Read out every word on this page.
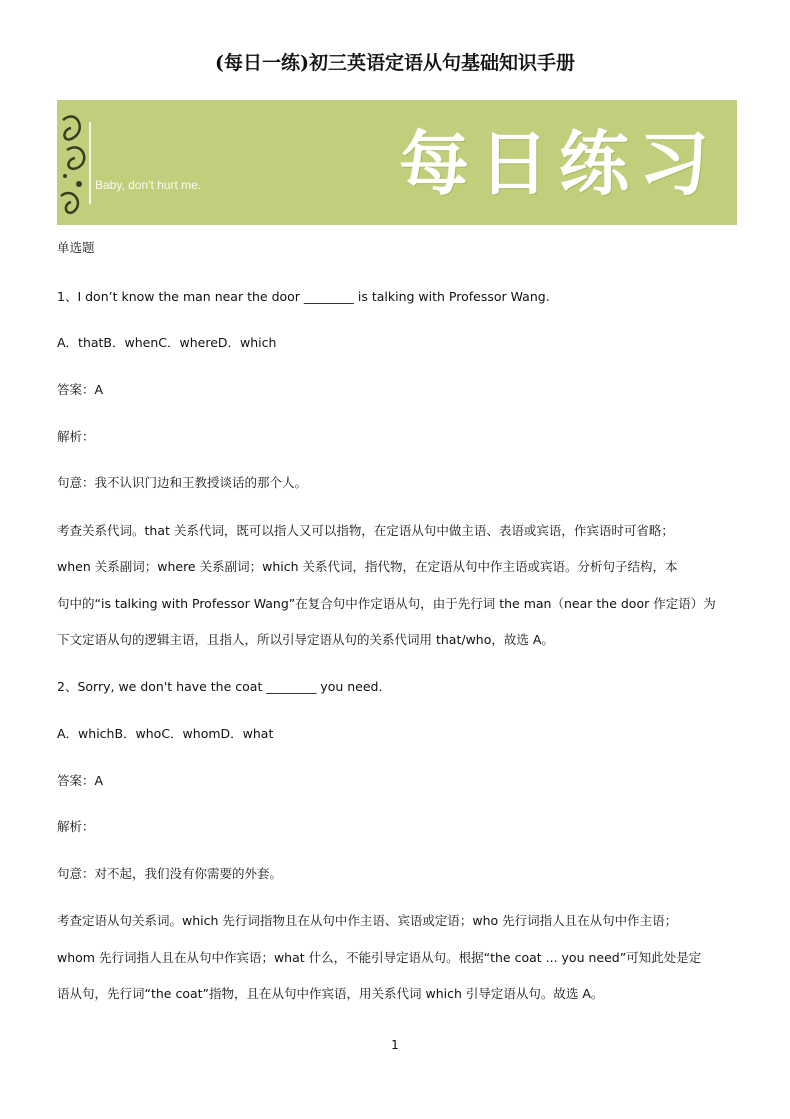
(每日一练)初三英语定语从句基础知识手册
Baby, don't hurt me.	每日练习
单选题
1、I don’t know the man near the door ________ is talking with Professor Wang.
A．thatB．whenC．whereD．which
答案：A
解析：
句意：我不认识门边和王教授谈话的那个人。
考查关系代词。that 关系代词，既可以指人又可以指物，在定语从句中做主语、表语或宾语，作宾语时可省略；
when 关系副词；where 关系副词；which 关系代词，指代物，在定语从句中作主语或宾语。分析句子结构，本
句中的“is talking with Professor Wang”在复合句中作定语从句，由于先行词 the man（near the door 作定语）为
下文定语从句的逻辑主语，且指人，所以引导定语从句的关系代词用 that/who，故选 A。
2、Sorry, we don't have the coat ________ you need.
A．whichB．whoC．whomD．what
答案：A
解析：
句意：对不起，我们没有你需要的外套。
考查定语从句关系词。which 先行词指物且在从句中作主语、宾语或定语；who 先行词指人且在从句中作主语；
whom 先行词指人且在从句中作宾语；what 什么，不能引导定语从句。根据“the coat ... you need”可知此处是定
语从句，先行词“the coat”指物，且在从句中作宾语，用关系代词 which 引导定语从句。故选 A。
1
